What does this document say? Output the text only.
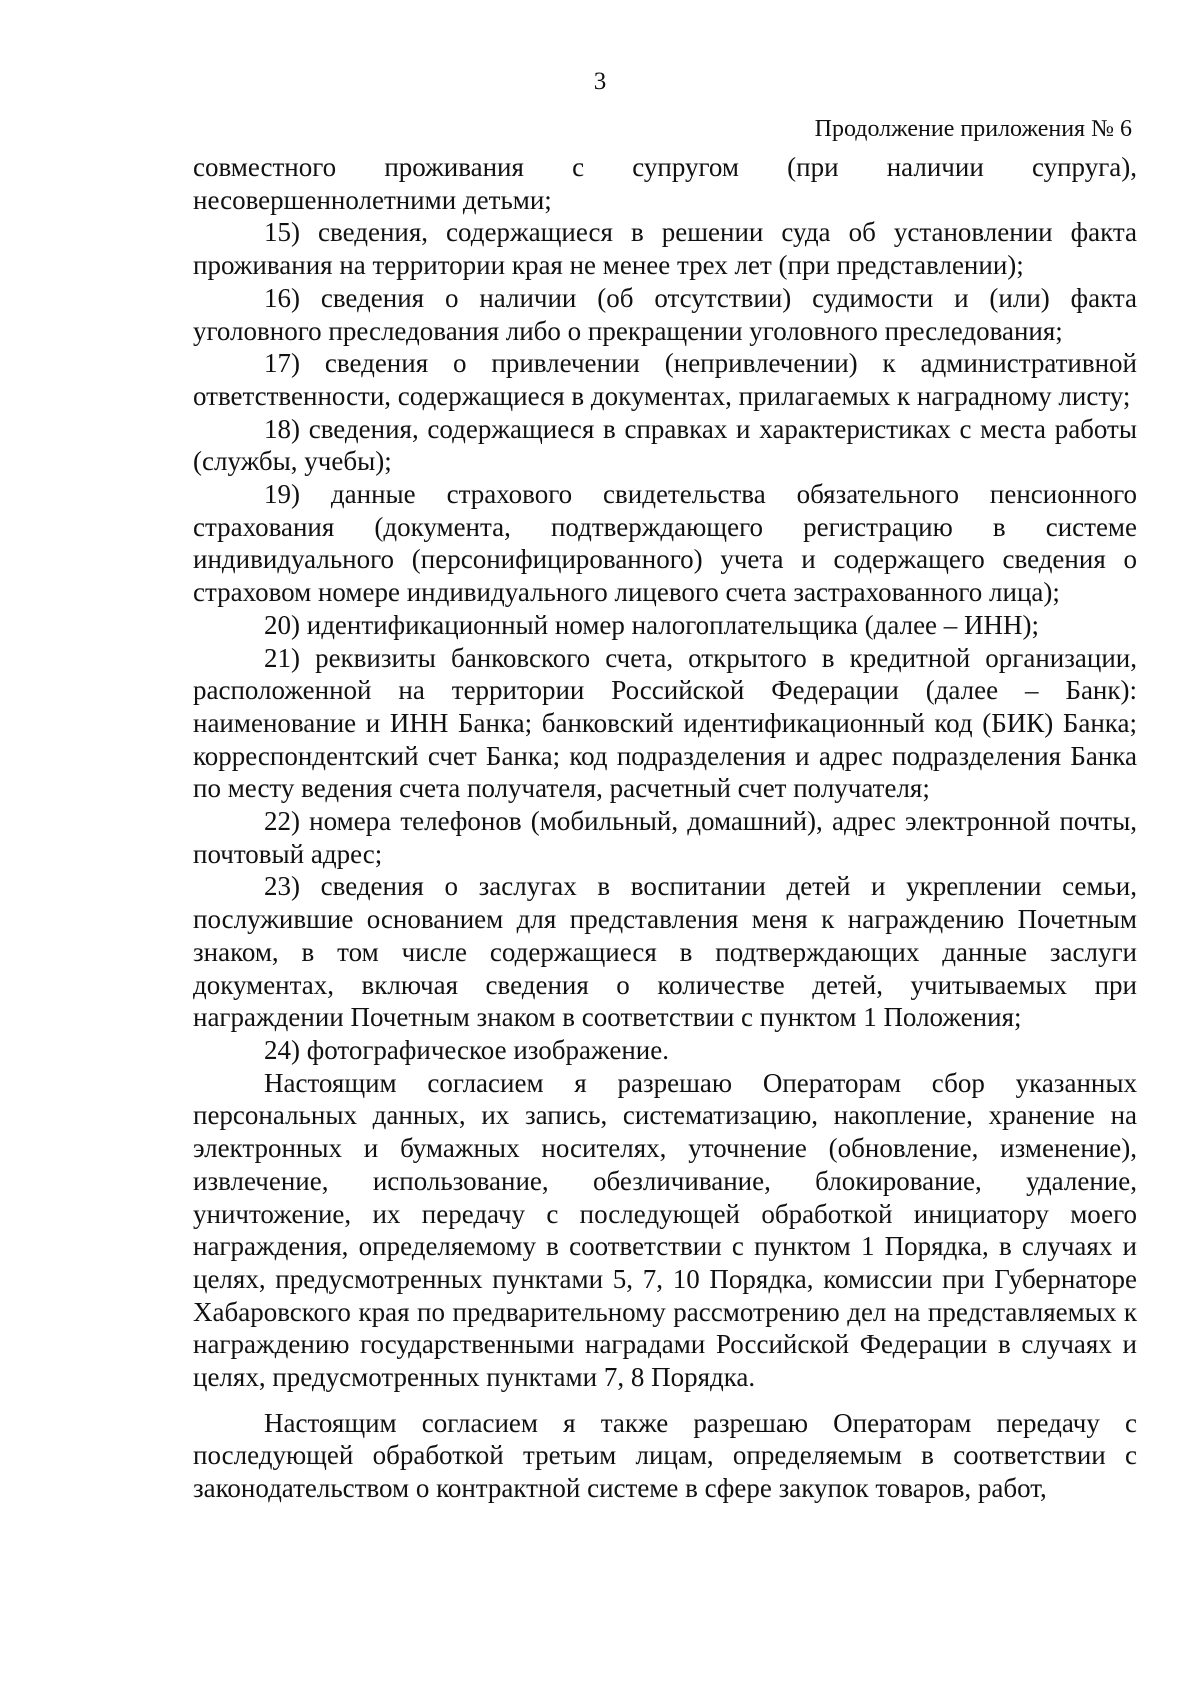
3
Продолжение приложения № 6

совместного проживания с супругом (при наличии супруга), несовершеннолетними детьми;

15) сведения, содержащиеся в решении суда об установлении факта проживания на территории края не менее трех лет (при представлении);

16) сведения о наличии (об отсутствии) судимости и (или) факта уголовного преследования либо о прекращении уголовного преследования;

17) сведения о привлечении (непривлечении) к административной ответственности, содержащиеся в документах, прилагаемых к наградному листу;

18) сведения, содержащиеся в справках и характеристиках с места работы (службы, учебы);

19) данные страхового свидетельства обязательного пенсионного страхования (документа, подтверждающего регистрацию в системе индивидуального (персонифицированного) учета и содержащего сведения о страховом номере индивидуального лицевого счета застрахованного лица);

20) идентификационный номер налогоплательщика (далее – ИНН);

21) реквизиты банковского счета, открытого в кредитной организации, расположенной на территории Российской Федерации (далее – Банк): наименование и ИНН Банка; банковский идентификационный код (БИК) Банка; корреспондентский счет Банка; код подразделения и адрес подразделения Банка по месту ведения счета получателя, расчетный счет получателя;

22) номера телефонов (мобильный, домашний), адрес электронной почты, почтовый адрес;

23) сведения о заслугах в воспитании детей и укреплении семьи, послужившие основанием для представления меня к награждению Почетным знаком, в том числе содержащиеся в подтверждающих данные заслуги документах, включая сведения о количестве детей, учитываемых при награждении Почетным знаком в соответствии с пунктом 1 Положения;

24) фотографическое изображение.

Настоящим согласием я разрешаю Операторам сбор указанных персональных данных, их запись, систематизацию, накопление, хранение на электронных и бумажных носителях, уточнение (обновление, изменение), извлечение, использование, обезличивание, блокирование, удаление, уничтожение, их передачу с последующей обработкой инициатору моего награждения, определяемому в соответствии с пунктом 1 Порядка, в случаях и целях, предусмотренных пунктами 5, 7, 10 Порядка, комиссии при Губернаторе Хабаровского края по предварительному рассмотрению дел на представляемых к награждению государственными наградами Российской Федерации в случаях и целях, предусмотренных пунктами 7, 8 Порядка.

Настоящим согласием я также разрешаю Операторам передачу с последующей обработкой третьим лицам, определяемым в соответствии с законодательством о контрактной системе в сфере закупок товаров, работ,
